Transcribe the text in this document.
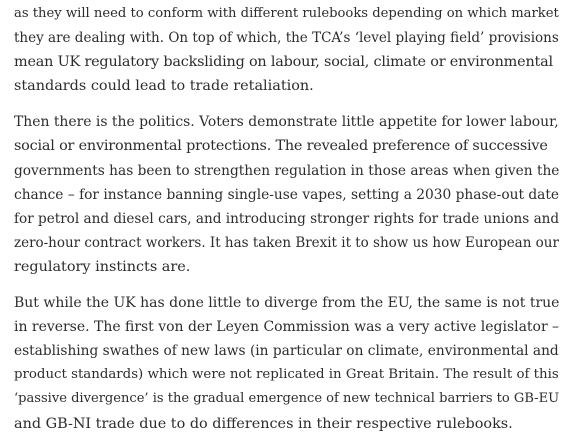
as they will need to conform with different rulebooks depending on which market
they are dealing with. On top of which, the TCA’s ‘level playing field’ provisions
mean UK regulatory backsliding on labour, social, climate or environmental
standards could lead to trade retaliation.

Then there is the politics. Voters demonstrate little appetite for lower labour,
social or environmental protections. The revealed preference of successive
governments has been to strengthen regulation in those areas when given the
chance – for instance banning single-use vapes, setting a 2030 phase-out date
for petrol and diesel cars, and introducing stronger rights for trade unions and
zero-hour contract workers. It has taken Brexit it to show us how European our
regulatory instincts are.

But while the UK has done little to diverge from the EU, the same is not true
in reverse. The first von der Leyen Commission was a very active legislator –
establishing swathes of new laws (in particular on climate, environmental and
product standards) which were not replicated in Great Britain. The result of this
‘passive divergence’ is the gradual emergence of new technical barriers to GB-EU
and GB-NI trade due to do differences in their respective rulebooks.
